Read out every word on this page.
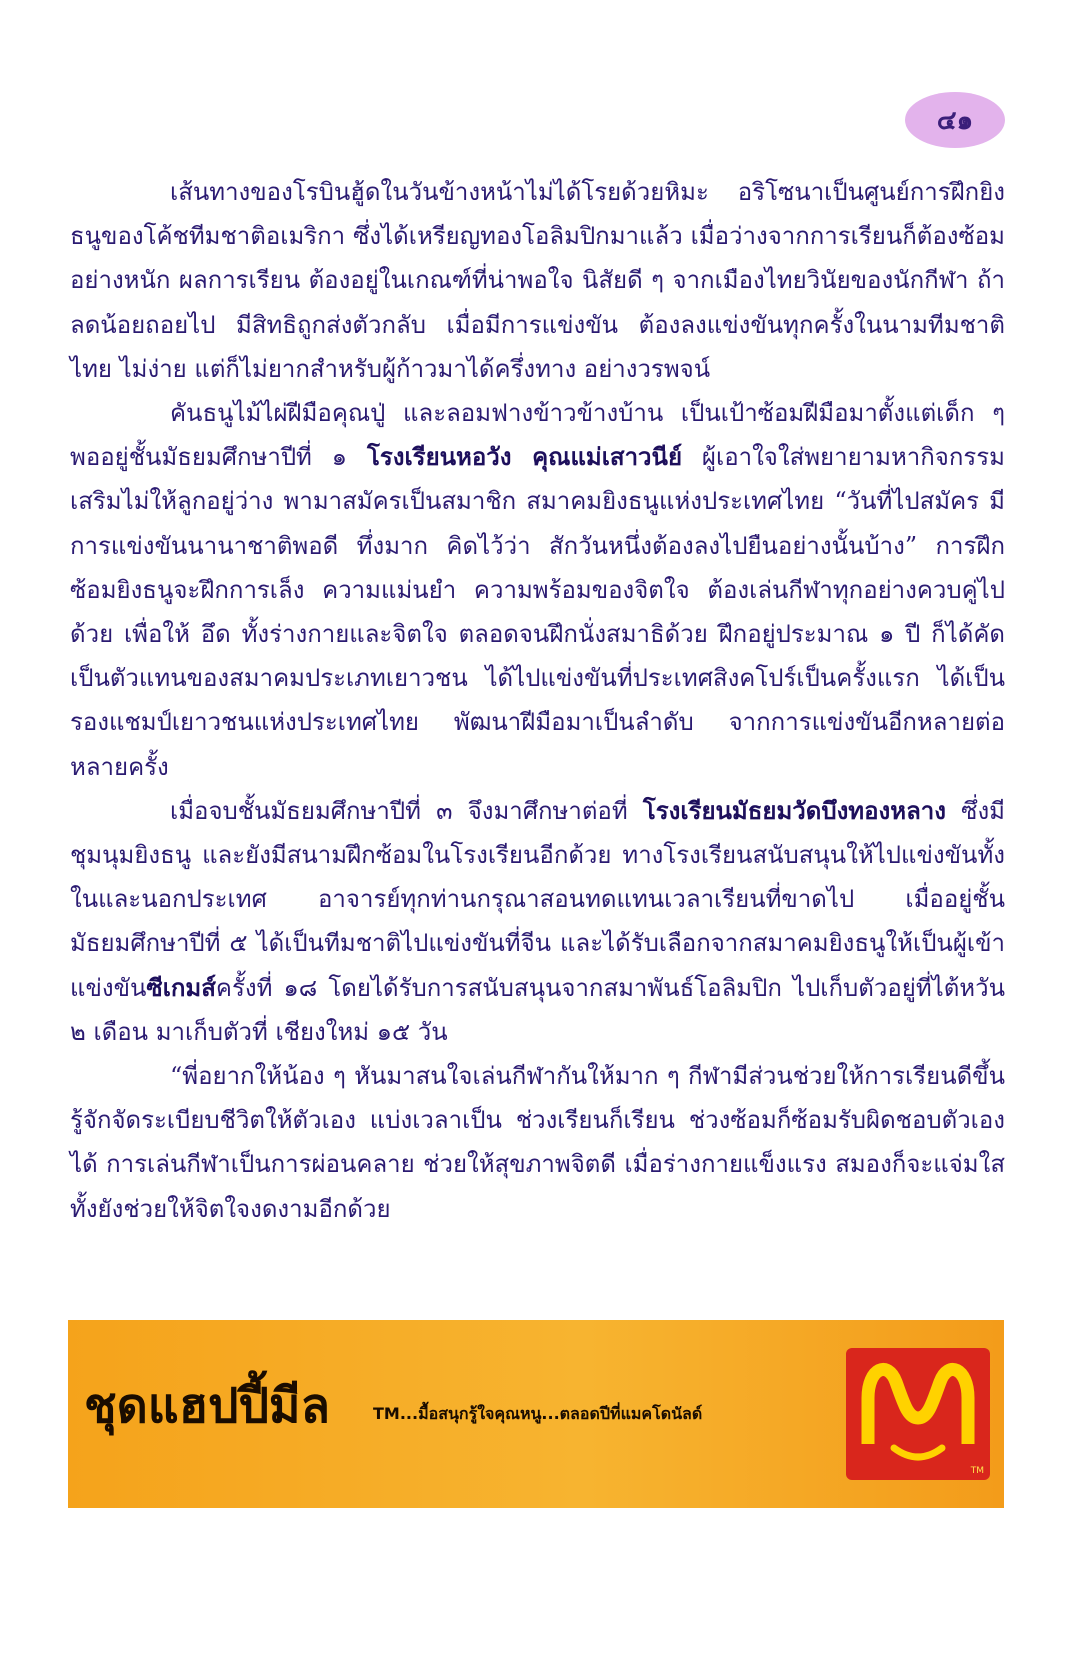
๔๑

เส้นทางของโรบินฮู้ดในวันข้างหน้าไม่ได้โรยด้วยหิมะ อริโซนาเป็นศูนย์การฝึกยิงธนูของโค้ชทีมชาติอเมริกา ซึ่งได้เหรียญทองโอลิมปิกมาแล้ว เมื่อว่างจากการเรียนก็ต้องซ้อมอย่างหนัก ผลการเรียน ต้องอยู่ในเกณฑ์ที่น่าพอใจ นิสัยดี ๆ จากเมืองไทยวินัยของนักกีฬา ถ้าลดน้อยถอยไป มีสิทธิถูกส่งตัวกลับ เมื่อมีการแข่งขัน ต้องลงแข่งขันทุกครั้งในนามทีมชาติไทย ไม่ง่าย แต่ก็ไม่ยากสำหรับผู้ก้าวมาได้ครึ่งทาง อย่างวรพจน์

คันธนูไม้ไผ่ฝีมือคุณปู่ และลอมฟางข้าวข้างบ้าน เป็นเป้าซ้อมฝีมือมาตั้งแต่เด็ก ๆ พออยู่ชั้นมัธยมศึกษาปีที่ ๑ โรงเรียนหอวัง คุณแม่เสาวนีย์ ผู้เอาใจใส่พยายามหากิจกรรมเสริมไม่ให้ลูกอยู่ว่าง พามาสมัครเป็นสมาชิก สมาคมยิงธนูแห่งประเทศไทย “วันที่ไปสมัคร มีการแข่งขันนานาชาติพอดี ทึ่งมาก คิดไว้ว่า สักวันหนึ่งต้องลงไปยืนอย่างนั้นบ้าง” การฝึกซ้อมยิงธนูจะฝึกการเล็ง ความแม่นยำ ความพร้อมของจิตใจ ต้องเล่นกีฬาทุกอย่างควบคู่ไปด้วย เพื่อให้ อึด ทั้งร่างกายและจิตใจ ตลอดจนฝึกนั่งสมาธิด้วย ฝึกอยู่ประมาณ ๑ ปี ก็ได้คัดเป็นตัวแทนของสมาคมประเภทเยาวชน ได้ไปแข่งขันที่ประเทศสิงคโปร์เป็นครั้งแรก ได้เป็นรองแชมป์เยาวชนแห่งประเทศไทย พัฒนาฝีมือมาเป็นลำดับ จากการแข่งขันอีกหลายต่อหลายครั้ง

เมื่อจบชั้นมัธยมศึกษาปีที่ ๓ จึงมาศึกษาต่อที่ โรงเรียนมัธยมวัดบึงทองหลาง ซึ่งมีชุมนุมยิงธนู และยังมีสนามฝึกซ้อมในโรงเรียนอีกด้วย ทางโรงเรียนสนับสนุนให้ไปแข่งขันทั้งในและนอกประเทศ อาจารย์ทุกท่านกรุณาสอนทดแทนเวลาเรียนที่ขาดไป เมื่ออยู่ชั้นมัธยมศึกษาปีที่ ๕ ได้เป็นทีมชาติไปแข่งขันที่จีน และได้รับเลือกจากสมาคมยิงธนูให้เป็นผู้เข้าแข่งขันซีเกมส์ครั้งที่ ๑๘ โดยได้รับการสนับสนุนจากสมาพันธ์โอลิมปิก ไปเก็บตัวอยู่ที่ไต้หวัน ๒ เดือน มาเก็บตัวที่ เชียงใหม่ ๑๕ วัน

“พี่อยากให้น้อง ๆ หันมาสนใจเล่นกีฬากันให้มาก ๆ กีฬามีส่วนช่วยให้การเรียนดีขึ้น รู้จักจัดระเบียบชีวิตให้ตัวเอง แบ่งเวลาเป็น ช่วงเรียนก็เรียน ช่วงซ้อมก็ซ้อมรับผิดชอบตัวเองได้ การเล่นกีฬาเป็นการผ่อนคลาย ช่วยให้สุขภาพจิตดี เมื่อร่างกายแข็งแรง สมองก็จะแจ่มใส ทั้งยังช่วยให้จิตใจงดงามอีกด้วย

ชุดแฮปปี้มีล	TM...มื้อสนุกรู้ใจคุณหนู...ตลอดปีที่แมคโดนัลด์
TM
